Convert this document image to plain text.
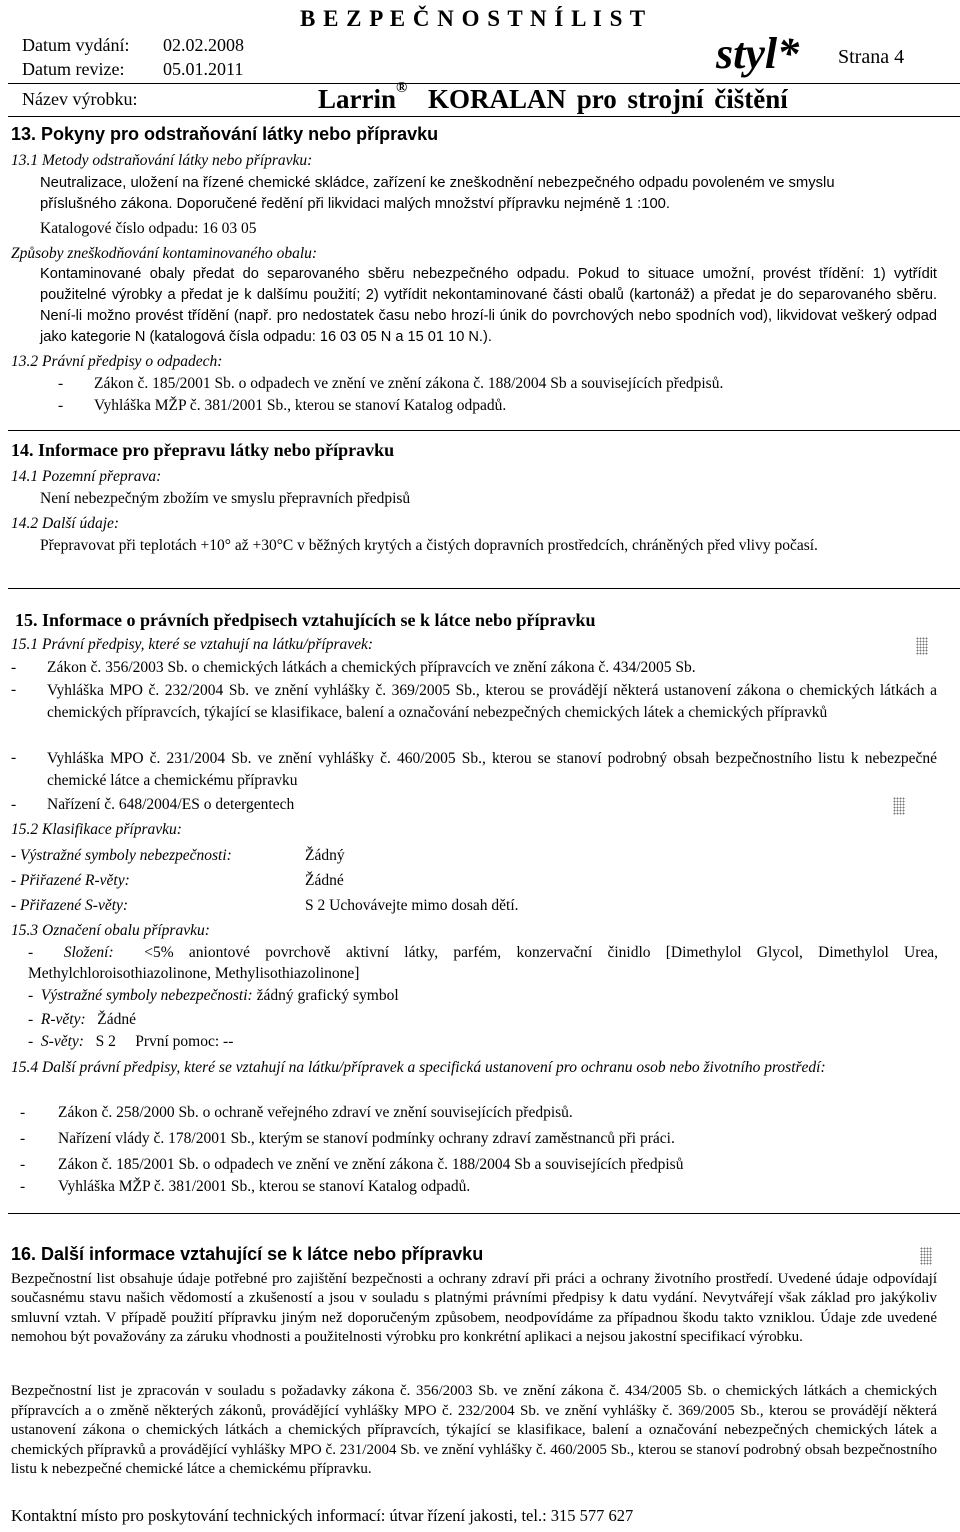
B E Z P E Č N O S T N Í L I S T
Datum vydání: 02.02.2008
Datum revize: 05.01.2011	styl* Strana 4
Název výrobku:	Larrin ® KORALAN pro strojní čištění
13. Pokyny pro odstraňování látky nebo přípravku
13.1 Metody odstraňování látky nebo přípravku:
Neutralizace, uložení na řízené chemické skládce, zařízení ke zneškodnění nebezpečného odpadu povoleném ve smyslu
příslušného zákona. Doporučené ředění při likvidaci malých množství přípravku nejméně 1 :100.
Katalogové číslo odpadu: 16 03 05
Způsoby zneškodňování kontaminovaného obalu:
Kontaminované obaly předat do separovaného sběru nebezpečného odpadu. Pokud to situace umožní, provést třídění: 1) vytřídit použitelné výrobky a předat je k dalšímu použití; 2) vytřídit nekontaminované části obalů (kartonáž) a předat je do separovaného sběru. Není-li možno provést třídění (např. pro nedostatek času nebo hrozí-li únik do povrchových nebo spodních vod), likvidovat veškerý odpad jako kategorie N (katalogová čísla odpadu: 16 03 05 N a 15 01 10 N.).
13.2 Právní předpisy o odpadech:
- Zákon č. 185/2001 Sb. o odpadech ve znění ve znění zákona č. 188/2004 Sb a souvisejících předpisů.
- Vyhláška MŽP č. 381/2001 Sb., kterou se stanoví Katalog odpadů.
14. Informace pro přepravu látky nebo přípravku
14.1 Pozemní přeprava:
Není nebezpečným zbožím ve smyslu přepravních předpisů
14.2 Další údaje:
Přepravovat při teplotách +10° až +30°C v běžných krytých a čistých dopravních prostředcích, chráněných před vlivy počasí.
15. Informace o právních předpisech vztahujících se k látce nebo přípravku
15.1 Právní předpisy, které se vztahují na látku/přípravek:
- Zákon č. 356/2003 Sb. o chemických látkách a chemických přípravcích ve znění zákona č. 434/2005 Sb.
- Vyhláška MPO č. 232/2004 Sb. ve znění vyhlášky č. 369/2005 Sb., kterou se provádějí některá ustanovení zákona o chemických látkách a chemických přípravcích, týkající se klasifikace, balení a označování nebezpečných chemických látek a chemických přípravků
- Vyhláška MPO č. 231/2004 Sb. ve znění vyhlášky č. 460/2005 Sb., kterou se stanoví podrobný obsah bezpečnostního listu k nebezpečné chemické látce a chemickému přípravku
- Nařízení č. 648/2004/ES o detergentech
15.2 Klasifikace přípravku:
- Výstražné symboly nebezpečnosti:	Žádný
- Přiřazené R-věty:	Žádné
- Přiřazené S-věty:	S 2 Uchovávejte mimo dosah dětí.
15.3 Označení obalu přípravku:
-  Složení: <5% aniontové povrchově aktivní látky, parfém, konzervační činidlo [Dimethylol Glycol, Dimethylol Urea, Methylchloroisothiazolinone, Methylisothiazolinone]
-  Výstražné symboly nebezpečnosti: žádný grafický symbol
-  R-věty: Žádné
-  S-věty: S 2     První pomoc: --
15.4 Další právní předpisy, které se vztahují na látku/přípravek a specifická ustanovení pro ochranu osob nebo životního prostředí:
- Zákon č. 258/2000 Sb. o ochraně veřejného zdraví ve znění souvisejících předpisů.
- Nařízení vlády č. 178/2001 Sb., kterým se stanoví podmínky ochrany zdraví zaměstnanců při práci.
- Zákon č. 185/2001 Sb. o odpadech ve znění ve znění zákona č. 188/2004 Sb a souvisejících předpisů
- Vyhláška MŽP č. 381/2001 Sb., kterou se stanoví Katalog odpadů.
16. Další informace vztahující se k látce nebo přípravku
Bezpečnostní list obsahuje údaje potřebné pro zajištění bezpečnosti a ochrany zdraví při práci a ochrany životního prostředí. Uvedené údaje odpovídají současnému stavu našich vědomostí a zkušeností a jsou v souladu s platnými právními předpisy k datu vydání. Nevytvářejí však základ pro jakýkoliv smluvní vztah. V případě použití přípravku jiným než doporučeným způsobem, neodpovídáme za případnou škodu takto vzniklou. Údaje zde uvedené nemohou být považovány za záruku vhodnosti a použitelnosti výrobku pro konkrétní aplikaci a nejsou jakostní specifikací výrobku.
Bezpečnostní list je zpracován v souladu s požadavky zákona č. 356/2003 Sb. ve znění zákona č. 434/2005 Sb. o chemických látkách a chemických přípravcích a o změně některých zákonů, provádějící vyhlášky MPO č. 232/2004 Sb. ve znění vyhlášky č. 369/2005 Sb., kterou se provádějí některá ustanovení zákona o chemických látkách a chemických přípravcích, týkající se klasifikace, balení a označování nebezpečných chemických látek a chemických přípravků a provádějící vyhlášky MPO č. 231/2004 Sb. ve znění vyhlášky č. 460/2005 Sb., kterou se stanoví podrobný obsah bezpečnostního listu k nebezpečné chemické látce a chemickému přípravku.
Kontaktní místo pro poskytování technických informací: útvar řízení jakosti, tel.: 315 577 627
